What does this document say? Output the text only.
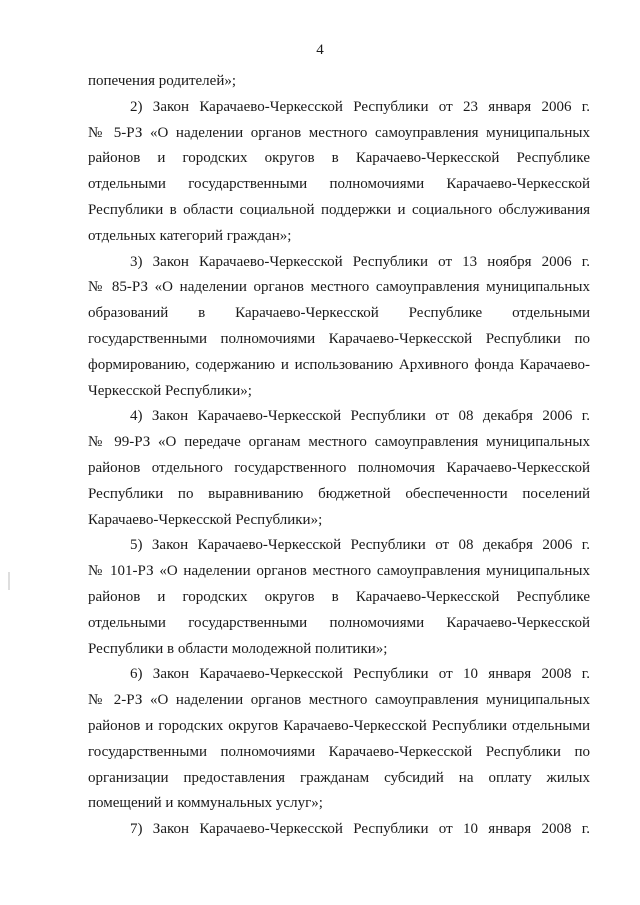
4
попечения родителей»;
2) Закон Карачаево-Черкесской Республики от 23 января 2006 г.
№ 5-РЗ «О наделении органов местного самоуправления муниципальных
районов и городских округов в Карачаево-Черкесской Республике
отдельными государственными полномочиями Карачаево-Черкесской
Республики в области социальной поддержки и социального обслуживания
отдельных категорий граждан»;
3) Закон Карачаево-Черкесской Республики от 13 ноября 2006 г.
№ 85-РЗ «О наделении органов местного самоуправления муниципальных
образований в Карачаево-Черкесской Республике отдельными
государственными полномочиями Карачаево-Черкесской Республики по
формированию, содержанию и использованию Архивного фонда Карачаево-
Черкесской Республики»;
4) Закон Карачаево-Черкесской Республики от 08 декабря 2006 г.
№ 99-РЗ «О передаче органам местного самоуправления муниципальных
районов отдельного государственного полномочия Карачаево-Черкесской
Республики по выравниванию бюджетной обеспеченности поселений
Карачаево-Черкесской Республики»;
5) Закон Карачаево-Черкесской Республики от 08 декабря 2006 г.
№ 101-РЗ «О наделении органов местного самоуправления муниципальных
районов и городских округов в Карачаево-Черкесской Республике
отдельными государственными полномочиями Карачаево-Черкесской
Республики в области молодежной политики»;
6) Закон Карачаево-Черкесской Республики от 10 января 2008 г.
№ 2-РЗ «О наделении органов местного самоуправления муниципальных
районов и городских округов Карачаево-Черкесской Республики отдельными
государственными полномочиями Карачаево-Черкесской Республики по
организации предоставления гражданам субсидий на оплату жилых
помещений и коммунальных услуг»;
7) Закон Карачаево-Черкесской Республики от 10 января 2008 г.
